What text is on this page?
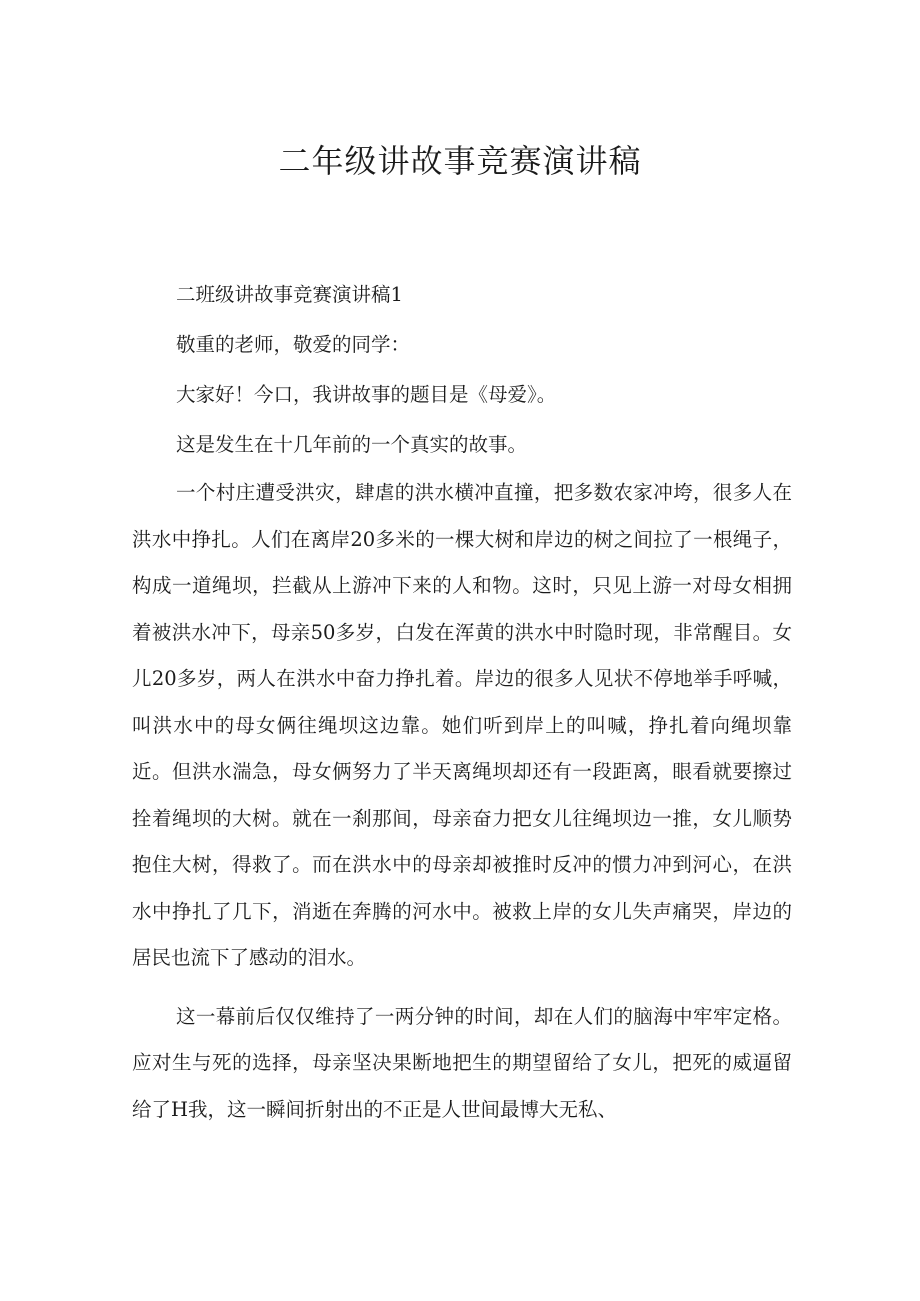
二年级讲故事竞赛演讲稿

二班级讲故事竞赛演讲稿1

敬重的老师，敬爱的同学：

大家好！今口，我讲故事的题目是《母爱》。

这是发生在十几年前的一个真实的故事。

一个村庄遭受洪灾，肆虐的洪水横冲直撞，把多数农家冲垮，很多人在洪水中挣扎。人们在离岸20多米的一棵大树和岸边的树之间拉了一根绳子，构成一道绳坝，拦截从上游冲下来的人和物。这时，只见上游一对母女相拥着被洪水冲下，母亲50多岁，白发在浑黄的洪水中时隐时现，非常醒目。女儿20多岁，两人在洪水中奋力挣扎着。岸边的很多人见状不停地举手呼喊，叫洪水中的母女俩往绳坝这边靠。她们听到岸上的叫喊，挣扎着向绳坝靠近。但洪水湍急，母女俩努力了半天离绳坝却还有一段距离，眼看就要擦过拴着绳坝的大树。就在一刹那间，母亲奋力把女儿往绳坝边一推，女儿顺势抱住大树，得救了。而在洪水中的母亲却被推时反冲的惯力冲到河心，在洪水中挣扎了几下，消逝在奔腾的河水中。被救上岸的女儿失声痛哭，岸边的居民也流下了感动的泪水。

这一幕前后仅仅维持了一两分钟的时间，却在人们的脑海中牢牢定格。应对生与死的选择，母亲坚决果断地把生的期望留给了女儿，把死的威逼留给了H我，这一瞬间折射出的不正是人世间最博大无私、
